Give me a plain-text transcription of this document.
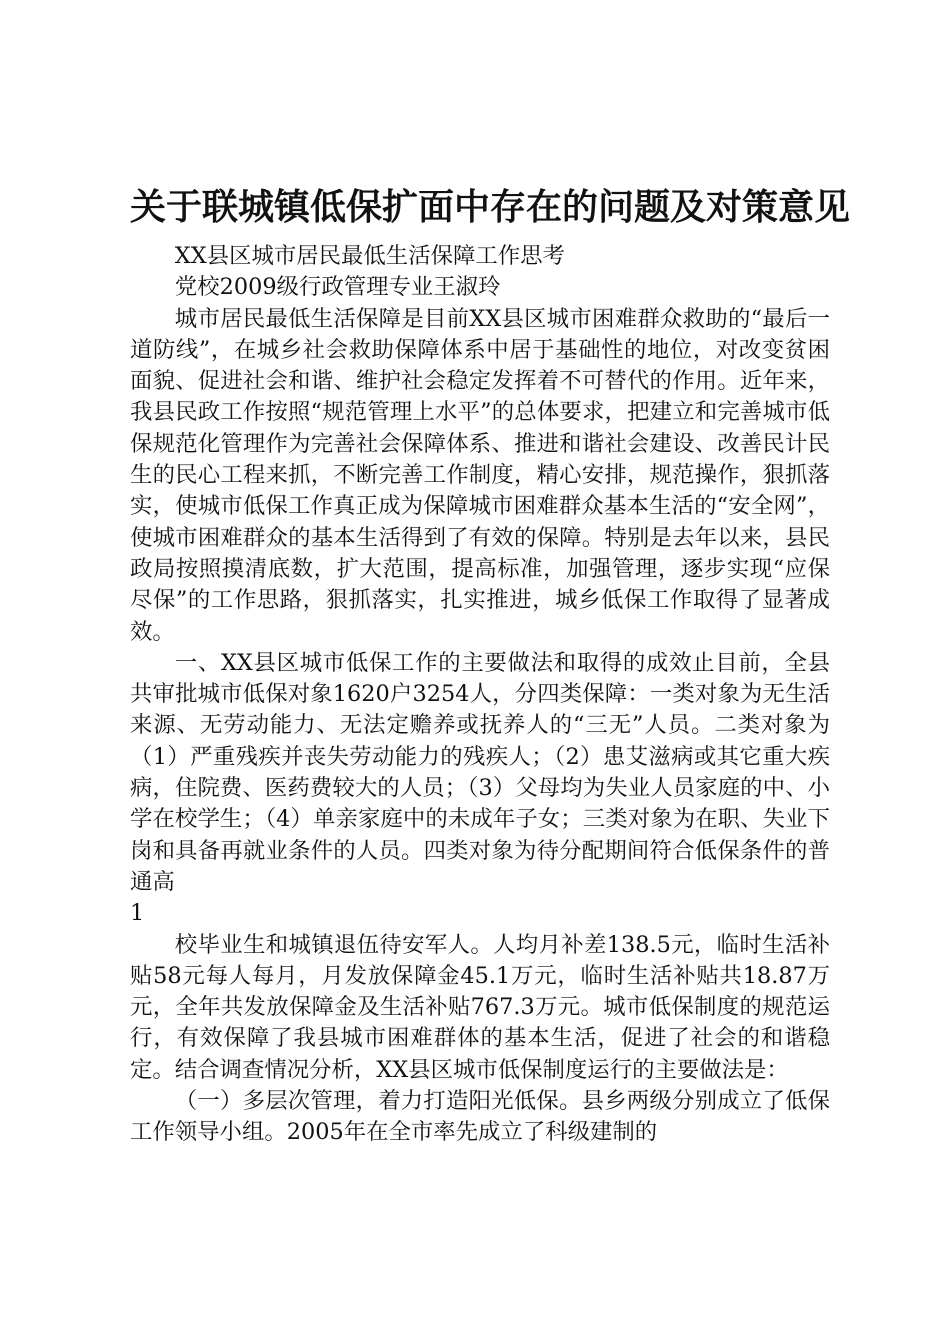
关于联城镇低保扩面中存在的问题及对策意见

XX县区城市居民最低生活保障工作思考

党校2009级行政管理专业王淑玲

城市居民最低生活保障是目前XX县区城市困难群众救助的“最后一道防线”，在城乡社会救助保障体系中居于基础性的地位，对改变贫困面貌、促进社会和谐、维护社会稳定发挥着不可替代的作用。近年来，我县民政工作按照“规范管理上水平”的总体要求，把建立和完善城市低保规范化管理作为完善社会保障体系、推进和谐社会建设、改善民计民生的民心工程来抓，不断完善工作制度，精心安排，规范操作，狠抓落实，使城市低保工作真正成为保障城市困难群众基本生活的“安全网”，使城市困难群众的基本生活得到了有效的保障。特别是去年以来，县民政局按照摸清底数，扩大范围，提高标准，加强管理，逐步实现“应保尽保”的工作思路，狠抓落实，扎实推进，城乡低保工作取得了显著成效。

一、XX县区城市低保工作的主要做法和取得的成效止目前，全县共审批城市低保对象1620户3254人，分四类保障：一类对象为无生活来源、无劳动能力、无法定赡养或抚养人的“三无”人员。二类对象为（1）严重残疾并丧失劳动能力的残疾人；（2）患艾滋病或其它重大疾病，住院费、医药费较大的人员；（3）父母均为失业人员家庭的中、小学在校学生；（4）单亲家庭中的未成年子女；三类对象为在职、失业下岗和具备再就业条件的人员。四类对象为待分配期间符合低保条件的普通高

1

校毕业生和城镇退伍待安军人。人均月补差138.5元，临时生活补贴58元每人每月，月发放保障金45.1万元，临时生活补贴共18.87万元，全年共发放保障金及生活补贴767.3万元。城市低保制度的规范运行，有效保障了我县城市困难群体的基本生活，促进了社会的和谐稳定。结合调查情况分析，XX县区城市低保制度运行的主要做法是：

（一）多层次管理，着力打造阳光低保。县乡两级分别成立了低保工作领导小组。2005年在全市率先成立了科级建制的
